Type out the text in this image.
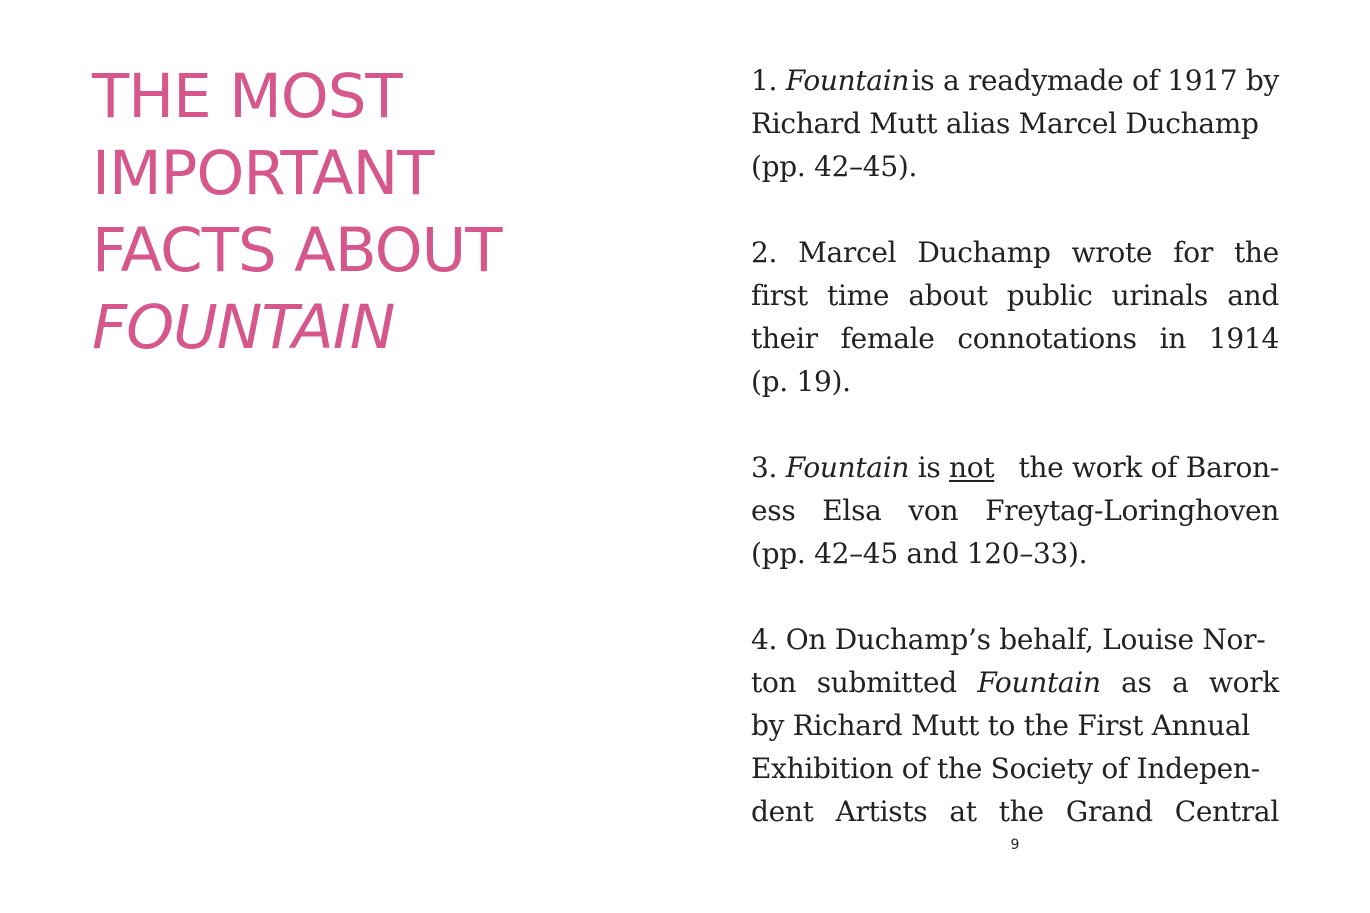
THE MOST
IMPORTANT
FACTS ABOUT
FOUNTAIN
1. Fountain is a readymade of 1917 by
Richard Mutt alias Marcel Duchamp
(pp. 42–45).
2. Marcel Duchamp wrote for the
first time about public urinals and
their female connotations in 1914
(p. 19).
3. Fountain is not the work of Baron-
ess Elsa von Freytag-Loringhoven
(pp. 42–45 and 120–33).
4. On Duchamp’s behalf, Louise Nor-
ton submitted Fountain as a work
by Richard Mutt to the First Annual
Exhibition of the Society of Indepen-
dent Artists at the Grand Central
9
